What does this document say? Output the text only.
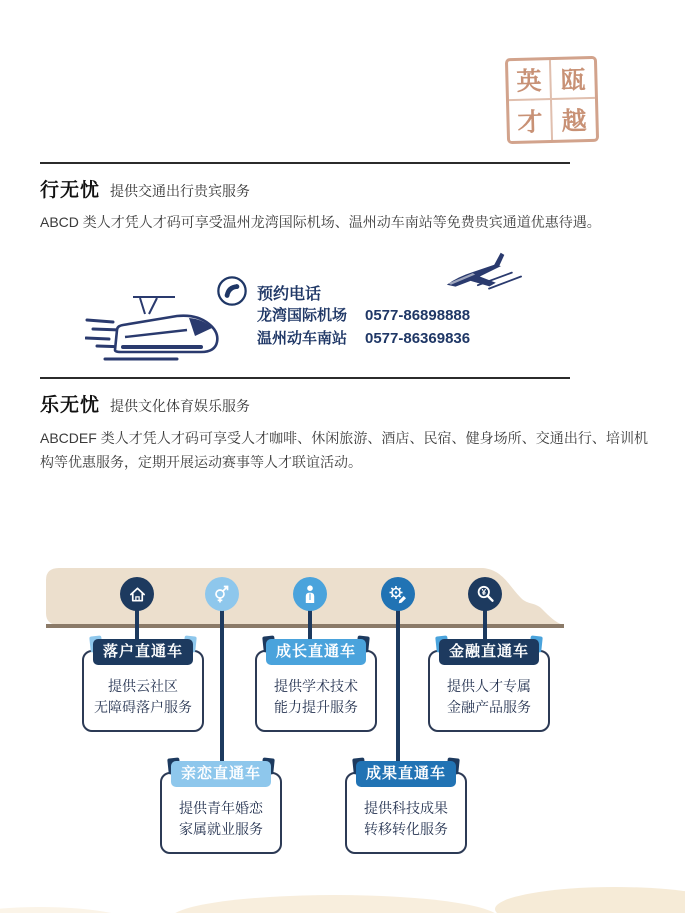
英 瓯
才 越
行无忧 提供交通出行贵宾服务
ABCD 类人才凭人才码可享受温州龙湾国际机场、温州动车南站等免费贵宾通道优惠待遇。
预约电话
龙湾国际机场	0577-86898888
温州动车南站	0577-86369836
乐无忧 提供文化体育娱乐服务
ABCDEF 类人才凭人才码可享受人才咖啡、休闲旅游、酒店、民宿、健身场所、交通出行、培训机构等优惠服务，定期开展运动赛事等人才联谊活动。
¥
落户直通车
提供云社区
无障碍落户服务
成长直通车
提供学术技术
能力提升服务
金融直通车
提供人才专属
金融产品服务
亲恋直通车
提供青年婚恋
家属就业服务
成果直通车
提供科技成果
转移转化服务
